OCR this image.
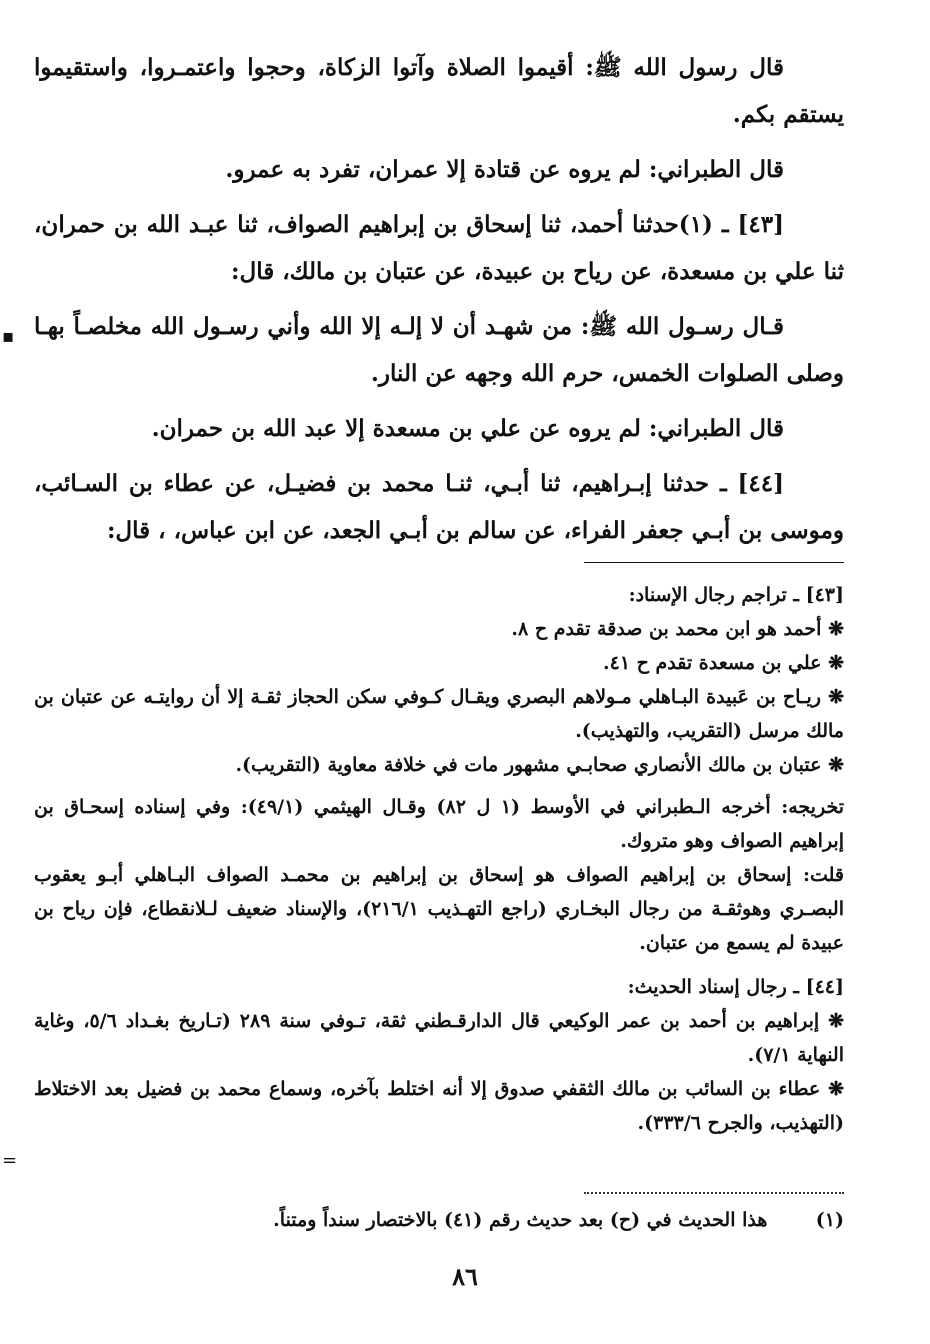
قال رسول الله ﷺ: أقيموا الصلاة وآتوا الزكاة، وحجوا واعتمـروا، واستقيموا يستقم بكم.

قال الطبراني: لم يروه عن قتادة إلا عمران، تفرد به عمرو.

[٤٣] ـ (١)حدثنا أحمد، ثنا إسحاق بن إبراهيم الصواف، ثنا عبـد الله بن حمران، ثنا علي بن مسعدة، عن رياح بن عبيدة، عن عتبان بن مالك، قال:

قـال رسـول الله ﷺ: من شهـد أن لا إلـه إلا الله وأني رسـول الله مخلصـاً بهـا وصلى الصلوات الخمس، حرم الله وجهه عن النار.

قال الطبراني: لم يروه عن علي بن مسعدة إلا عبد الله بن حمران.

[٤٤] ـ حدثنا إبـراهيم، ثنا أبـي، ثنـا محمد بن فضيـل، عن عطاء بن السـائب، وموسى بن أبـي جعفر الفراء، عن سالم بن أبـي الجعد، عن ابن عباس، ، قال:

[٤٣] ـ تراجم رجال الإسناد:

❋ أحمد هو ابن محمد بن صدقة تقدم ح ٨.

❋ علي بن مسعدة تقدم ح ٤١.

❋ ريـاح بن عَبيدة البـاهلي مـولاهم البصري ويقـال كـوفي سكن الحجاز ثقـة إلا أن روايتـه عن عتبان بن مالك مرسل (التقريب، والتهذيب).

❋ عتبان بن مالك الأنصاري صحابـي مشهور مات في خلافة معاوية (التقريب).

تخريجه: أخرجه الـطبراني في الأوسط (١ ل ٨٢) وقـال الهيثمي (٤٩/١): وفي إسناده إسحـاق بن إبراهيم الصواف وهو متروك.

قلت: إسحاق بن إبراهيم الصواف هو إسحاق بن إبراهيم بن محمـد الصواف البـاهلي أبـو يعقوب البصـري وهوثقـة من رجال البخـاري (راجع التهـذيب ٢١٦/١)، والإسناد ضعيف لـلانقطاع، فإن رياح بن عبيدة لم يسمع من عتبان.

[٤٤] ـ رجال إسناد الحديث:

❋ إبراهيم بن أحمد بن عمر الوكيعي قال الدارقـطني ثقة، تـوفي سنة ٢٨٩ (تـاريخ بغـداد ٥/٦، وغاية النهاية ٧/١).

❋ عطاء بن السائب بن مالك الثقفي صدوق إلا أنه اختلط بآخره، وسماع محمد بن فضيل بعد الاختلاط (التهذيب، والجرح ٣٣٣/٦).

(١) هذا الحديث في (ح) بعد حديث رقم (٤١) بالاختصار سنداً ومتناً.
٨٦
▪
=
